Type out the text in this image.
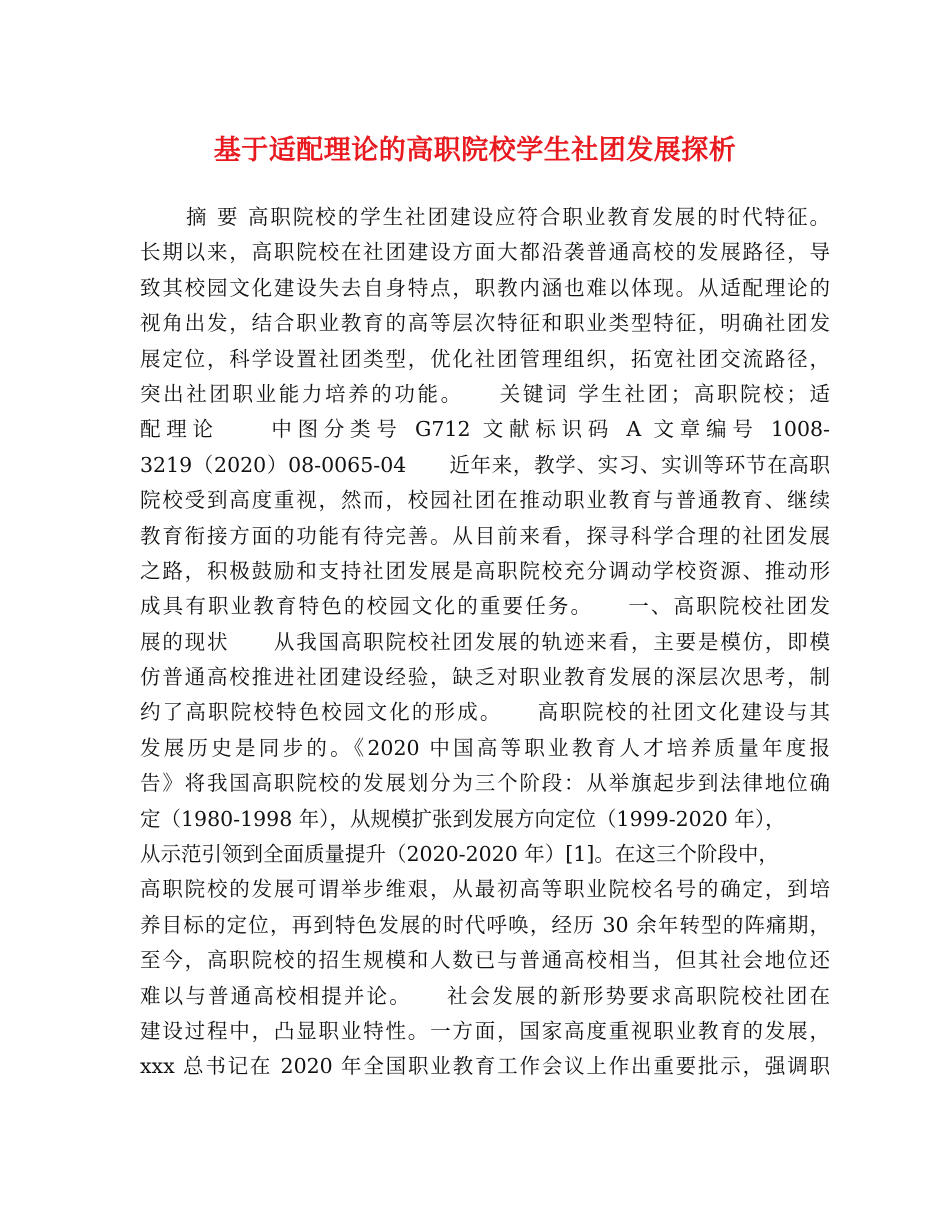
基于适配理论的高职院校学生社团发展探析
摘 要 高职院校的学生社团建设应符合职业教育发展的时代特征。
长期以来，高职院校在社团建设方面大都沿袭普通高校的发展路径，导
致其校园文化建设失去自身特点，职教内涵也难以体现。从适配理论的
视角出发，结合职业教育的高等层次特征和职业类型特征，明确社团发
展定位，科学设置社团类型，优化社团管理组织，拓宽社团交流路径，
突出社团职业能力培养的功能。　　关键词 学生社团；高职院校；适
配理论　　中图分类号 G712 文献标识码 A 文章编号 1008-
3219（2020）08-0065-04　　近年来，教学、实习、实训等环节在高职
院校受到高度重视，然而，校园社团在推动职业教育与普通教育、继续
教育衔接方面的功能有待完善。从目前来看，探寻科学合理的社团发展
之路，积极鼓励和支持社团发展是高职院校充分调动学校资源、推动形
成具有职业教育特色的校园文化的重要任务。　　一、高职院校社团发
展的现状　　从我国高职院校社团发展的轨迹来看，主要是模仿，即模
仿普通高校推进社团建设经验，缺乏对职业教育发展的深层次思考，制
约了高职院校特色校园文化的形成。　　高职院校的社团文化建设与其
发展历史是同步的。《2020 中国高等职业教育人才培养质量年度报
告》将我国高职院校的发展划分为三个阶段：从举旗起步到法律地位确
定（1980-1998 年），从规模扩张到发展方向定位（1999-2020 年），
从示范引领到全面质量提升（2020-2020 年）[1]。在这三个阶段中，
高职院校的发展可谓举步维艰，从最初高等职业院校名号的确定，到培
养目标的定位，再到特色发展的时代呼唤，经历 30 余年转型的阵痛期，
至今，高职院校的招生规模和人数已与普通高校相当，但其社会地位还
难以与普通高校相提并论。　　社会发展的新形势要求高职院校社团在
建设过程中，凸显职业特性。一方面，国家高度重视职业教育的发展，
xxx 总书记在 2020 年全国职业教育工作会议上作出重要批示，强调职
